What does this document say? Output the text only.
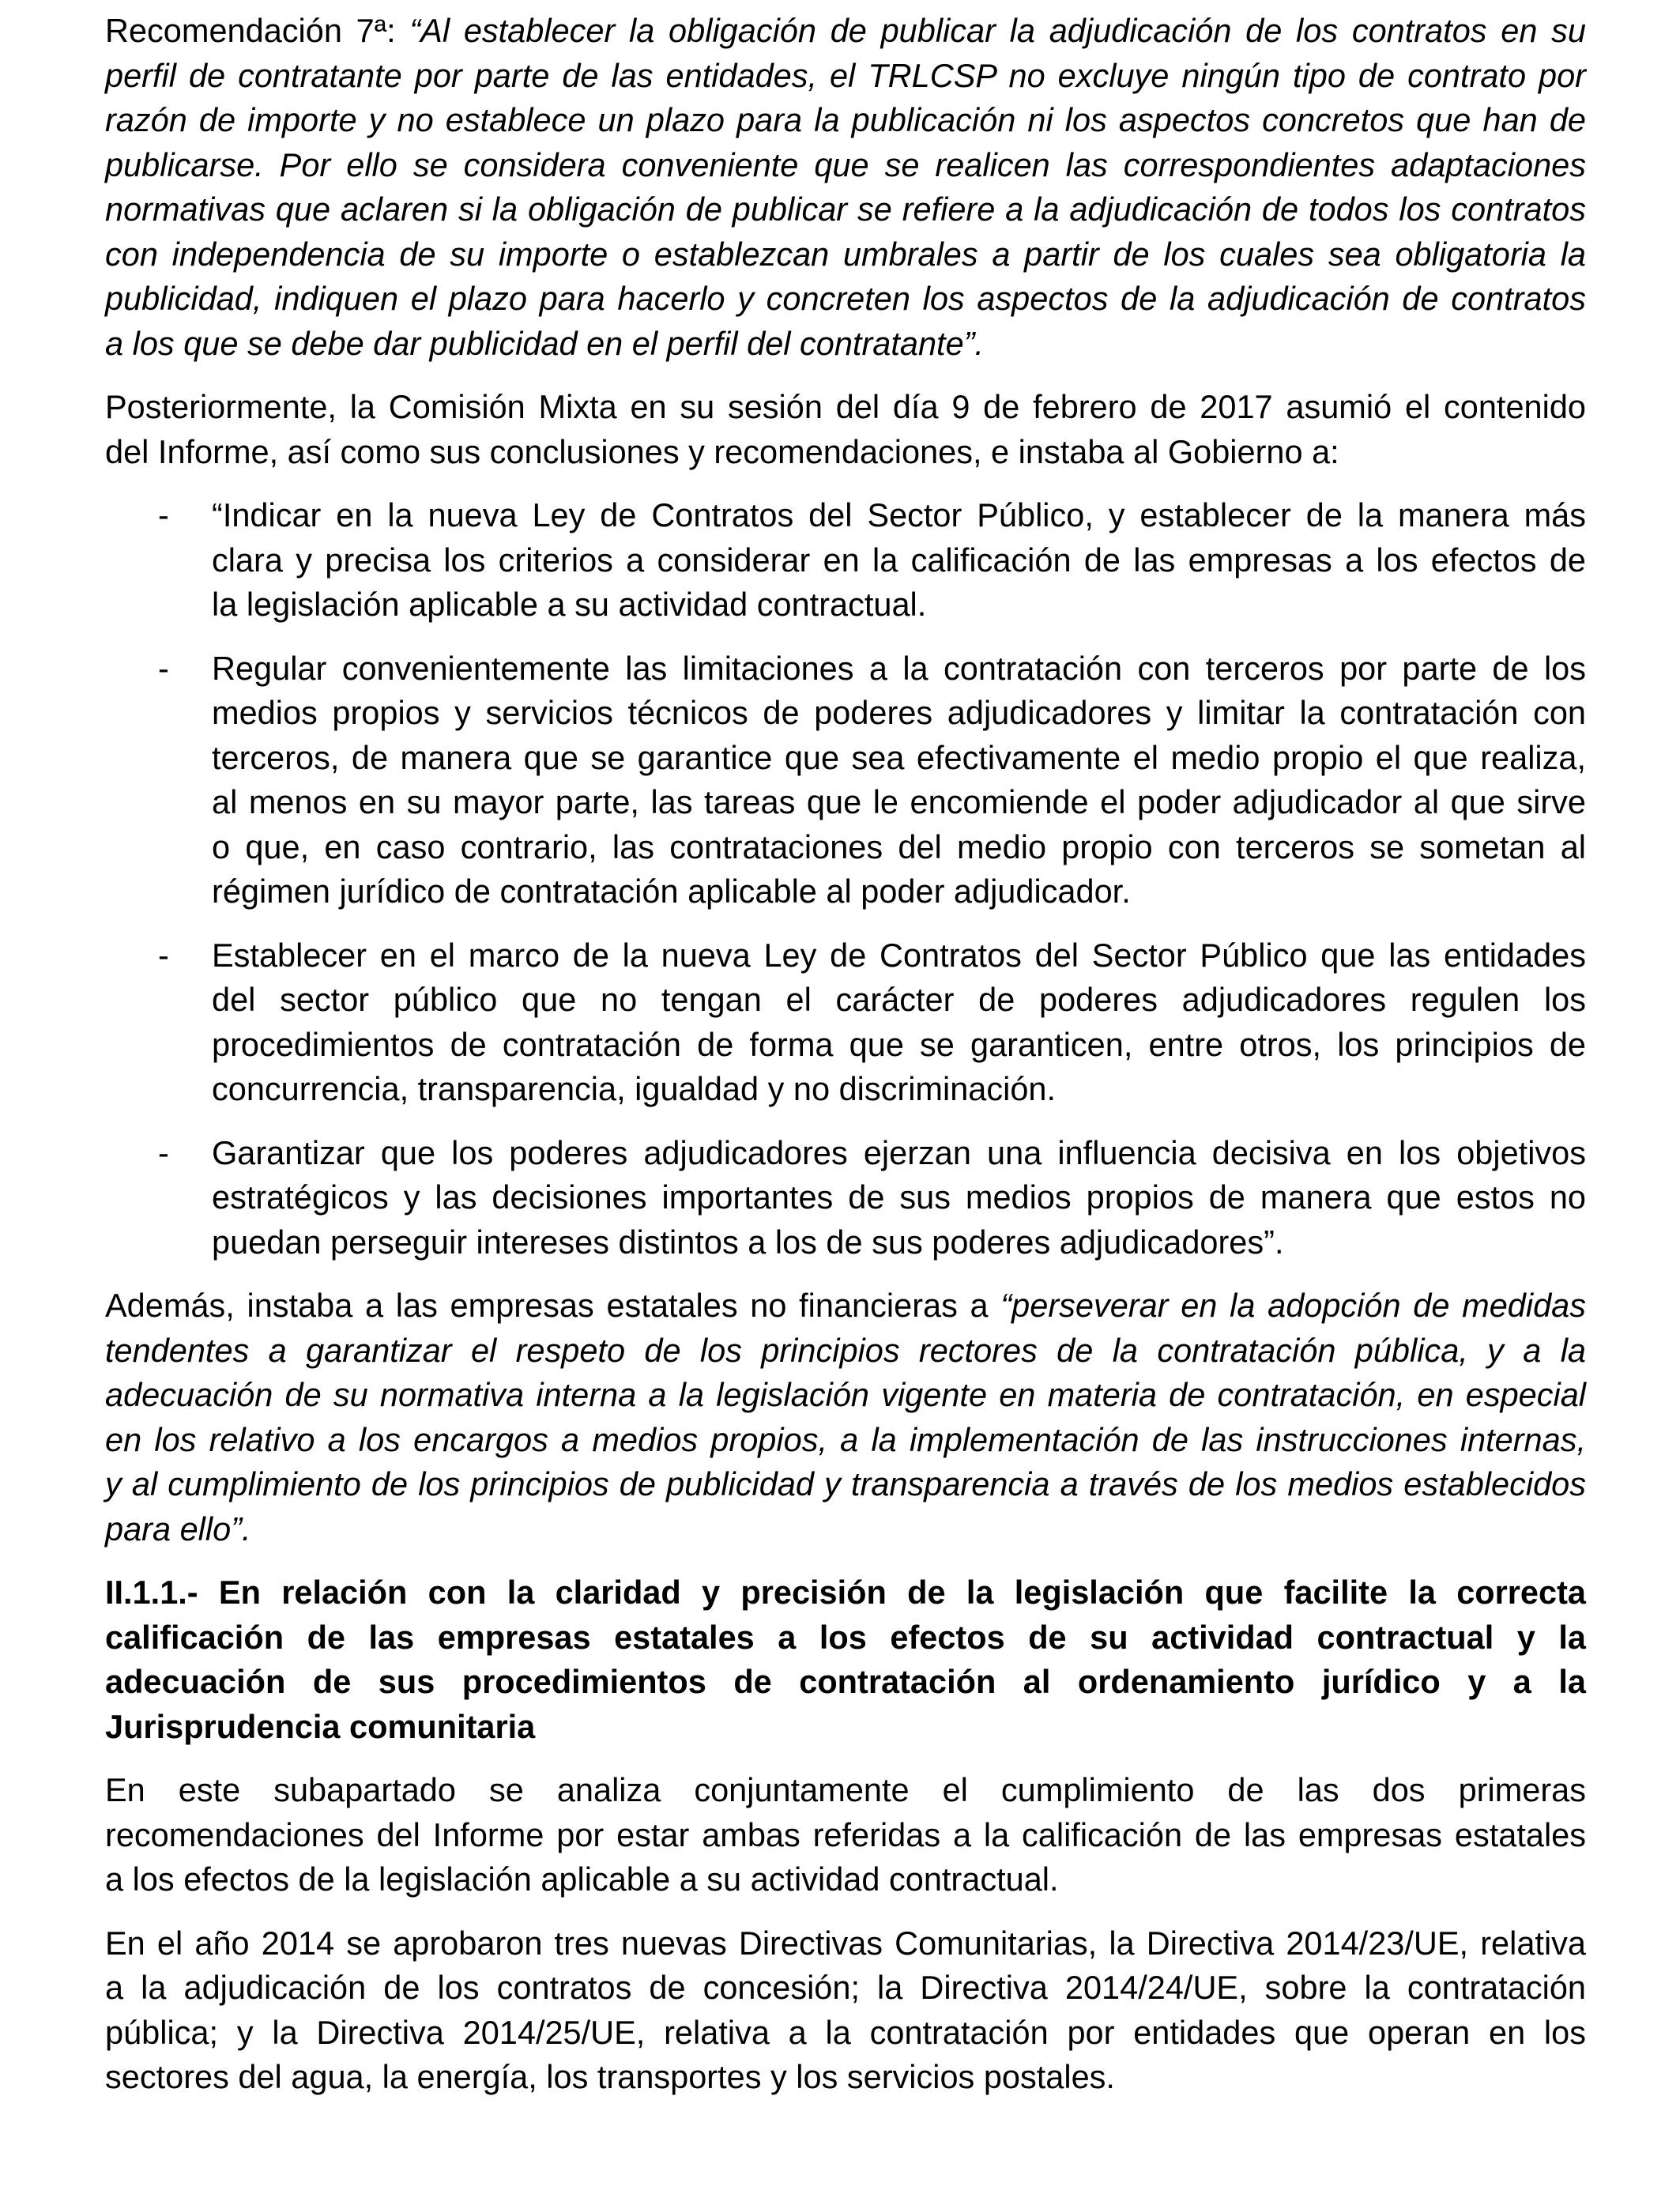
Recomendación 7ª: “Al establecer la obligación de publicar la adjudicación de los contratos en su
perfil de contratante por parte de las entidades, el TRLCSP no excluye ningún tipo de contrato por
razón de importe y no establece un plazo para la publicación ni los aspectos concretos que han de
publicarse. Por ello se considera conveniente que se realicen las correspondientes adaptaciones
normativas que aclaren si la obligación de publicar se refiere a la adjudicación de todos los contratos
con independencia de su importe o establezcan umbrales a partir de los cuales sea obligatoria la
publicidad, indiquen el plazo para hacerlo y concreten los aspectos de la adjudicación de contratos
a los que se debe dar publicidad en el perfil del contratante”.
Posteriormente, la Comisión Mixta en su sesión del día 9 de febrero de 2017 asumió el contenido
del Informe, así como sus conclusiones y recomendaciones, e instaba al Gobierno a:
- “Indicar en la nueva Ley de Contratos del Sector Público, y establecer de la manera más
clara y precisa los criterios a considerar en la calificación de las empresas a los efectos de
la legislación aplicable a su actividad contractual.
- Regular convenientemente las limitaciones a la contratación con terceros por parte de los
medios propios y servicios técnicos de poderes adjudicadores y limitar la contratación con
terceros, de manera que se garantice que sea efectivamente el medio propio el que realiza,
al menos en su mayor parte, las tareas que le encomiende el poder adjudicador al que sirve
o que, en caso contrario, las contrataciones del medio propio con terceros se sometan al
régimen jurídico de contratación aplicable al poder adjudicador.
- Establecer en el marco de la nueva Ley de Contratos del Sector Público que las entidades
del sector público que no tengan el carácter de poderes adjudicadores regulen los
procedimientos de contratación de forma que se garanticen, entre otros, los principios de
concurrencia, transparencia, igualdad y no discriminación.
- Garantizar que los poderes adjudicadores ejerzan una influencia decisiva en los objetivos
estratégicos y las decisiones importantes de sus medios propios de manera que estos no
puedan perseguir intereses distintos a los de sus poderes adjudicadores”.
Además, instaba a las empresas estatales no financieras a “perseverar en la adopción de medidas
tendentes a garantizar el respeto de los principios rectores de la contratación pública, y a la
adecuación de su normativa interna a la legislación vigente en materia de contratación, en especial
en los relativo a los encargos a medios propios, a la implementación de las instrucciones internas,
y al cumplimiento de los principios de publicidad y transparencia a través de los medios establecidos
para ello”.
II.1.1.- En relación con la claridad y precisión de la legislación que facilite la correcta
calificación de las empresas estatales a los efectos de su actividad contractual y la
adecuación de sus procedimientos de contratación al ordenamiento jurídico y a la
Jurisprudencia comunitaria
En este subapartado se analiza conjuntamente el cumplimiento de las dos primeras
recomendaciones del Informe por estar ambas referidas a la calificación de las empresas estatales
a los efectos de la legislación aplicable a su actividad contractual.
En el año 2014 se aprobaron tres nuevas Directivas Comunitarias, la Directiva 2014/23/UE, relativa
a la adjudicación de los contratos de concesión; la Directiva 2014/24/UE, sobre la contratación
pública; y la Directiva 2014/25/UE, relativa a la contratación por entidades que operan en los
sectores del agua, la energía, los transportes y los servicios postales.
